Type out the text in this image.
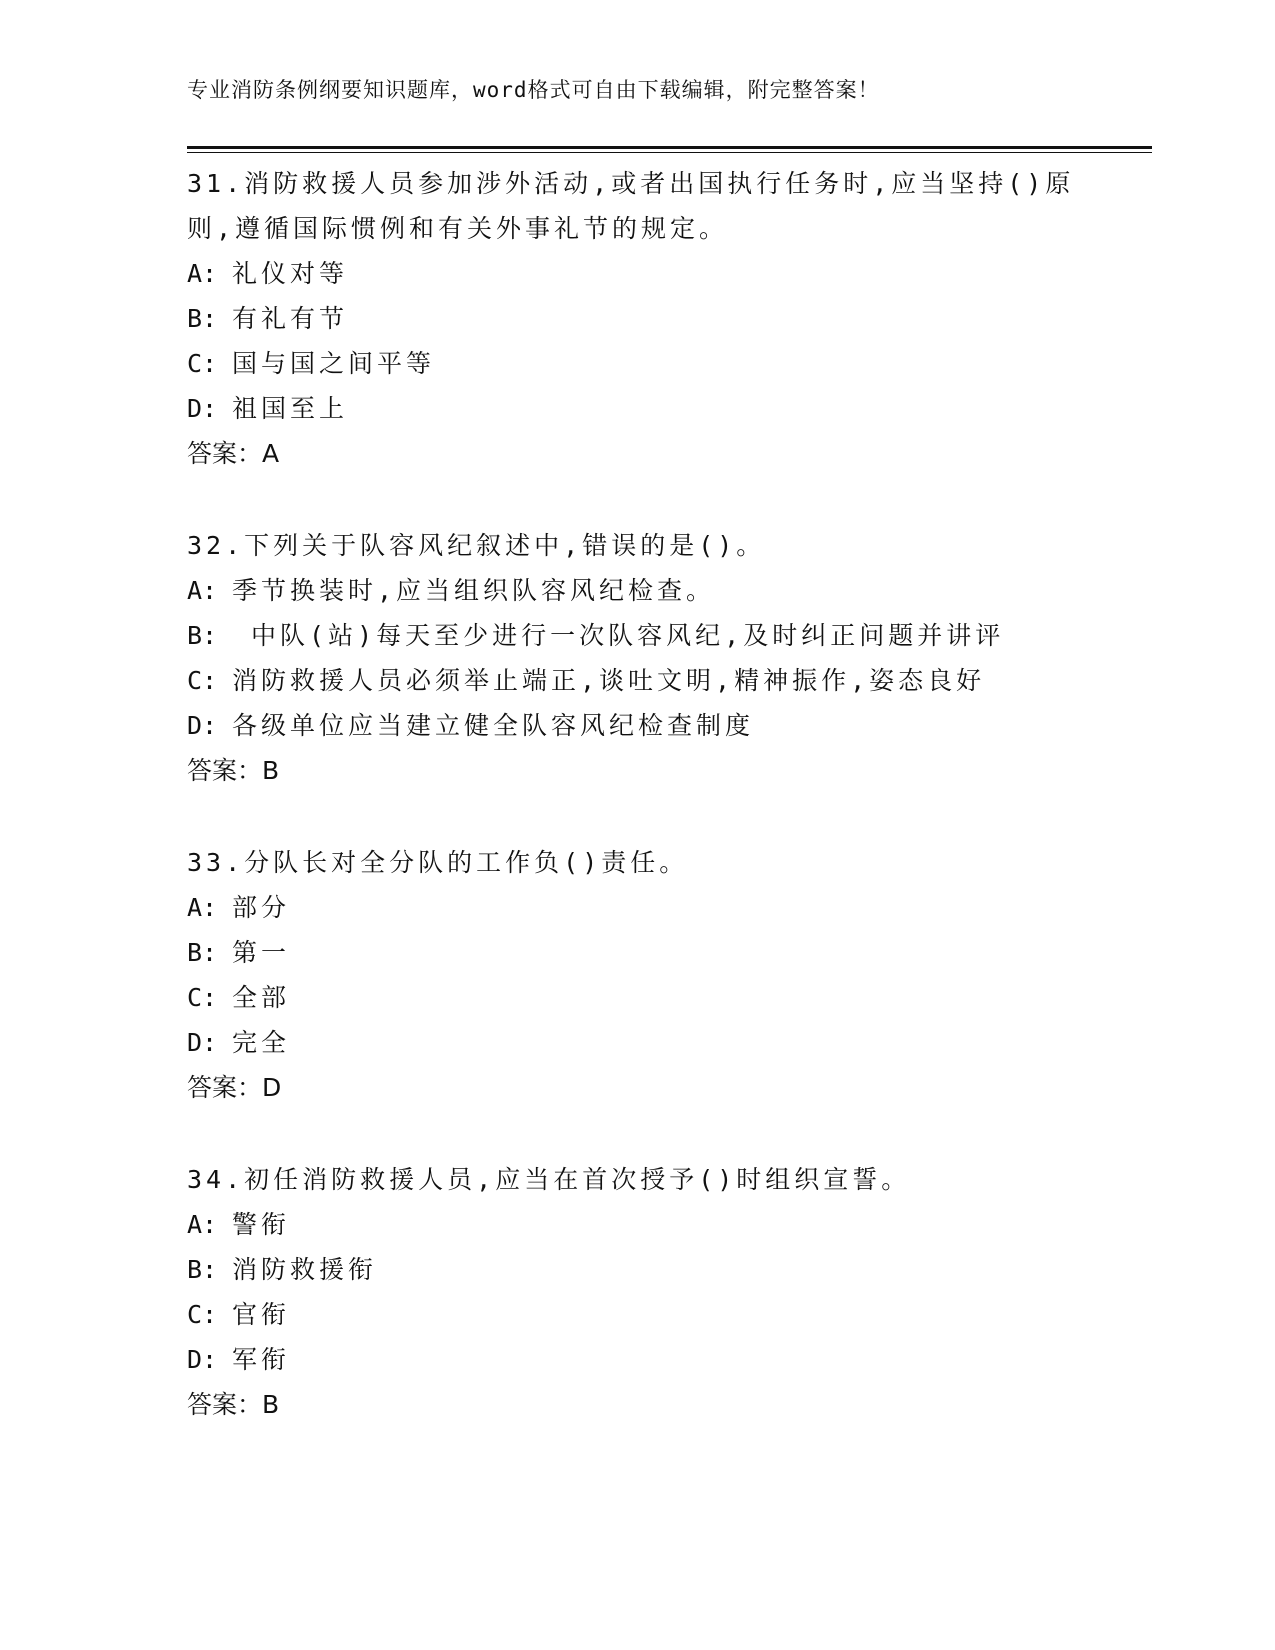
专业消防条例纲要知识题库，word格式可自由下载编辑，附完整答案！
31.消防救援人员参加涉外活动,或者出国执行任务时,应当坚持()原则,遵循国际惯例和有关外事礼节的规定。
A: 礼仪对等
B: 有礼有节
C: 国与国之间平等
D: 祖国至上
答案：A
32.下列关于队容风纪叙述中,错误的是()。
A: 季节换装时,应当组织队容风纪检查。
B: 中队(站)每天至少进行一次队容风纪,及时纠正问题并讲评
C: 消防救援人员必须举止端正,谈吐文明,精神振作,姿态良好
D: 各级单位应当建立健全队容风纪检查制度
答案：B
33.分队长对全分队的工作负()责任。
A: 部分
B: 第一
C: 全部
D: 完全
答案：D
34.初任消防救援人员,应当在首次授予()时组织宣誓。
A: 警衔
B: 消防救援衔
C: 官衔
D: 军衔
答案：B
